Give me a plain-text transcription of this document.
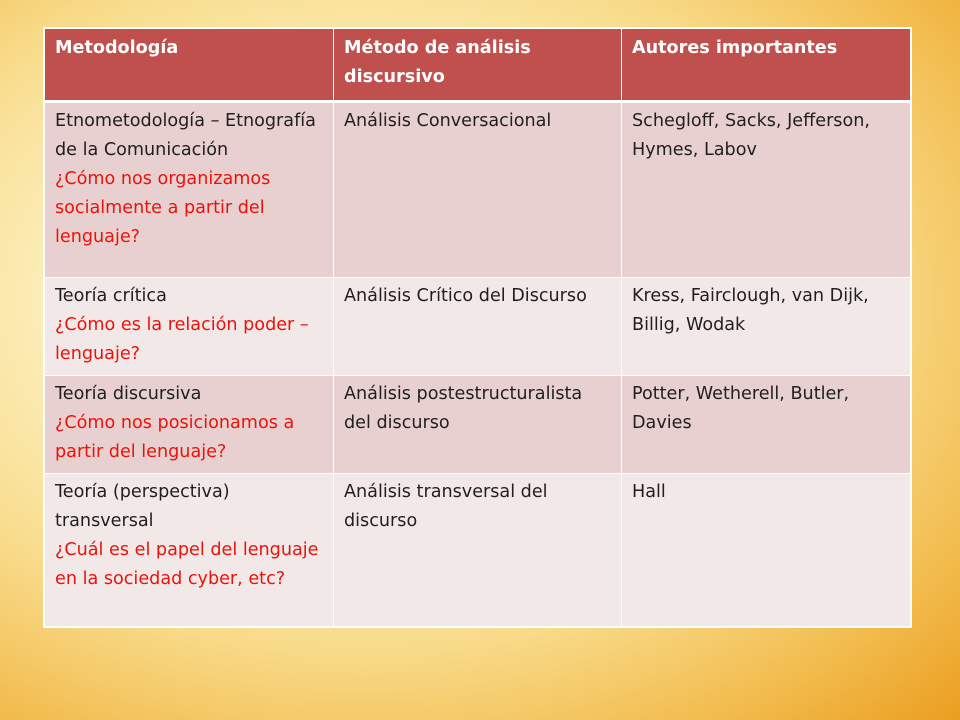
Metodología	Método de análisis discursivo	Autores importantes

Etnometodología – Etnografía de la Comunicación
¿Cómo nos organizamos socialmente a partir del lenguaje?	Análisis Conversacional	Schegloff, Sacks, Jefferson, Hymes, Labov

Teoría crítica
¿Cómo es la relación poder – lenguaje?	Análisis Crítico del Discurso	Kress, Fairclough, van Dijk, Billig, Wodak

Teoría discursiva
¿Cómo nos posicionamos a partir del lenguaje?	Análisis postestructuralista del discurso	Potter, Wetherell, Butler, Davies

Teoría (perspectiva) transversal
¿Cuál es el papel del lenguaje en la sociedad cyber, etc?	Análisis transversal del discurso	Hall
